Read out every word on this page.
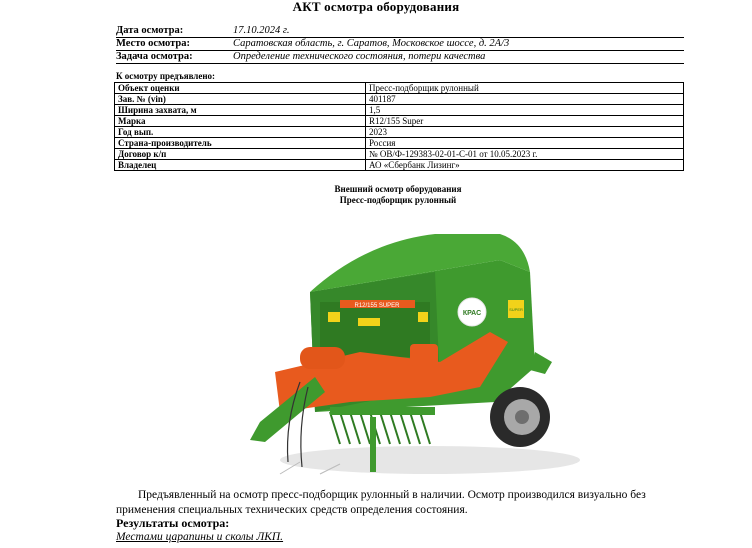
АКТ осмотра оборудования
Дата осмотра:	17.10.2024 г.
Место осмотра:	Саратовская область, г. Саратов, Московское шоссе, д. 2А/3
Задача осмотра:	Определение технического состояния, потери качества
К осмотру предъявлено:
Объект оценки	Пресс-подборщик рулонный
Зав. № (vin)	401187
Ширина захвата, м	1,5
Марка	R12/155 Super
Год вып.	2023
Страна-производитель	Россия
Договор к/п	№ ОВ/Ф-129383-02-01-С-01 от 10.05.2023 г.
Владелец	АО «Сбербанк Лизинг»
Внешний осмотр оборудования
Пресс-подборщик рулонный
R12/155 SUPER
КРАС
SUPER
Предъявленный на осмотр пресс-подборщик рулонный в наличии. Осмотр производился визуально без применения специальных технических средств определения состояния.
Результаты осмотра:
Местами царапины и сколы ЛКП.
